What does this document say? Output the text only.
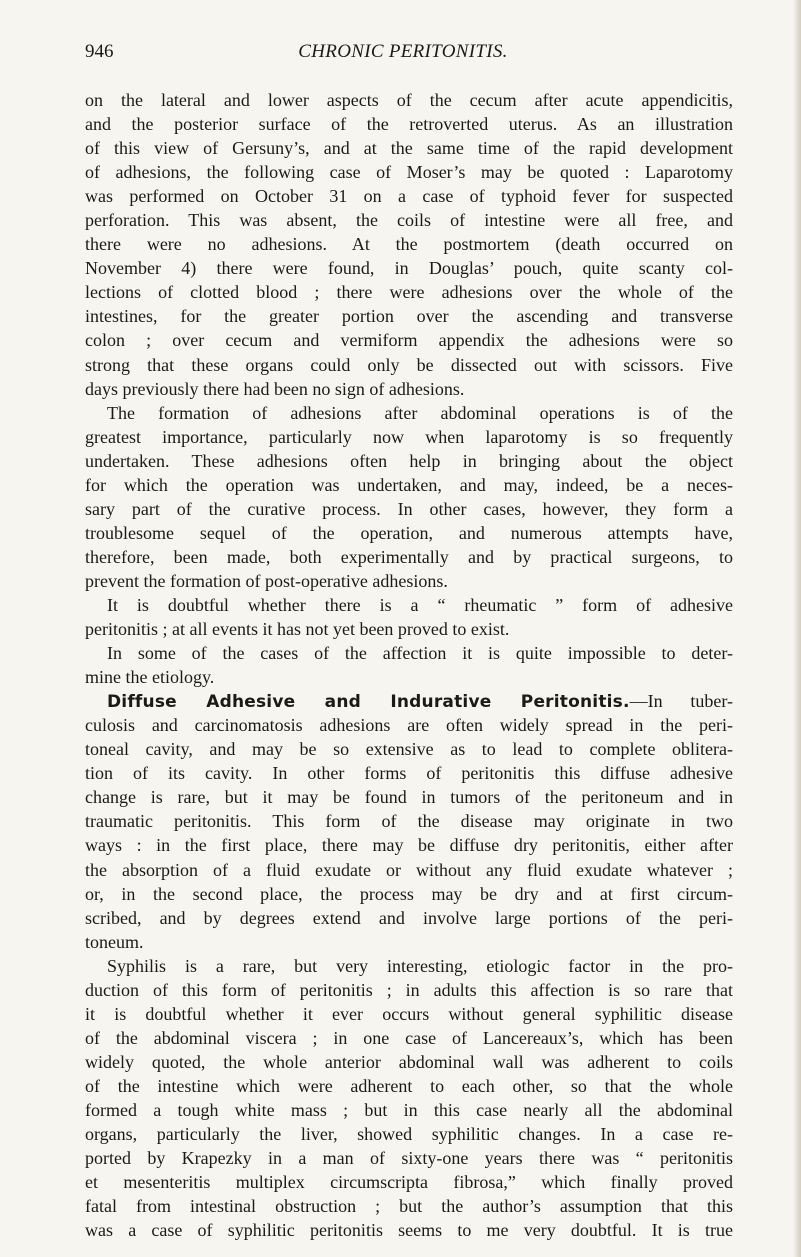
946	CHRONIC PERITONITIS.
on the lateral and lower aspects of the cecum after acute appendicitis,
and the posterior surface of the retroverted uterus. As an illustration
of this view of Gersuny’s, and at the same time of the rapid development
of adhesions, the following case of Moser’s may be quoted : Laparotomy
was performed on October 31 on a case of typhoid fever for suspected
perforation. This was absent, the coils of intestine were all free, and
there were no adhesions. At the postmortem (death occurred on
November 4) there were found, in Douglas’ pouch, quite scanty col-
lections of clotted blood ; there were adhesions over the whole of the
intestines, for the greater portion over the ascending and transverse
colon ; over cecum and vermiform appendix the adhesions were so
strong that these organs could only be dissected out with scissors. Five
days previously there had been no sign of adhesions.
The formation of adhesions after abdominal operations is of the
greatest importance, particularly now when laparotomy is so frequently
undertaken. These adhesions often help in bringing about the object
for which the operation was undertaken, and may, indeed, be a neces-
sary part of the curative process. In other cases, however, they form a
troublesome sequel of the operation, and numerous attempts have,
therefore, been made, both experimentally and by practical surgeons, to
prevent the formation of post-operative adhesions.
It is doubtful whether there is a “ rheumatic ” form of adhesive
peritonitis ; at all events it has not yet been proved to exist.
In some of the cases of the affection it is quite impossible to deter-
mine the etiology.
Diffuse Adhesive and Indurative Peritonitis.—In tuber-
culosis and carcinomatosis adhesions are often widely spread in the peri-
toneal cavity, and may be so extensive as to lead to complete oblitera-
tion of its cavity. In other forms of peritonitis this diffuse adhesive
change is rare, but it may be found in tumors of the peritoneum and in
traumatic peritonitis. This form of the disease may originate in two
ways : in the first place, there may be diffuse dry peritonitis, either after
the absorption of a fluid exudate or without any fluid exudate whatever ;
or, in the second place, the process may be dry and at first circum-
scribed, and by degrees extend and involve large portions of the peri-
toneum.
Syphilis is a rare, but very interesting, etiologic factor in the pro-
duction of this form of peritonitis ; in adults this affection is so rare that
it is doubtful whether it ever occurs without general syphilitic disease
of the abdominal viscera ; in one case of Lancereaux’s, which has been
widely quoted, the whole anterior abdominal wall was adherent to coils
of the intestine which were adherent to each other, so that the whole
formed a tough white mass ; but in this case nearly all the abdominal
organs, particularly the liver, showed syphilitic changes. In a case re-
ported by Krapezky in a man of sixty-one years there was “ peritonitis
et mesenteritis multiplex circumscripta fibrosa,” which finally proved
fatal from intestinal obstruction ; but the author’s assumption that this
was a case of syphilitic peritonitis seems to me very doubtful. It is true
